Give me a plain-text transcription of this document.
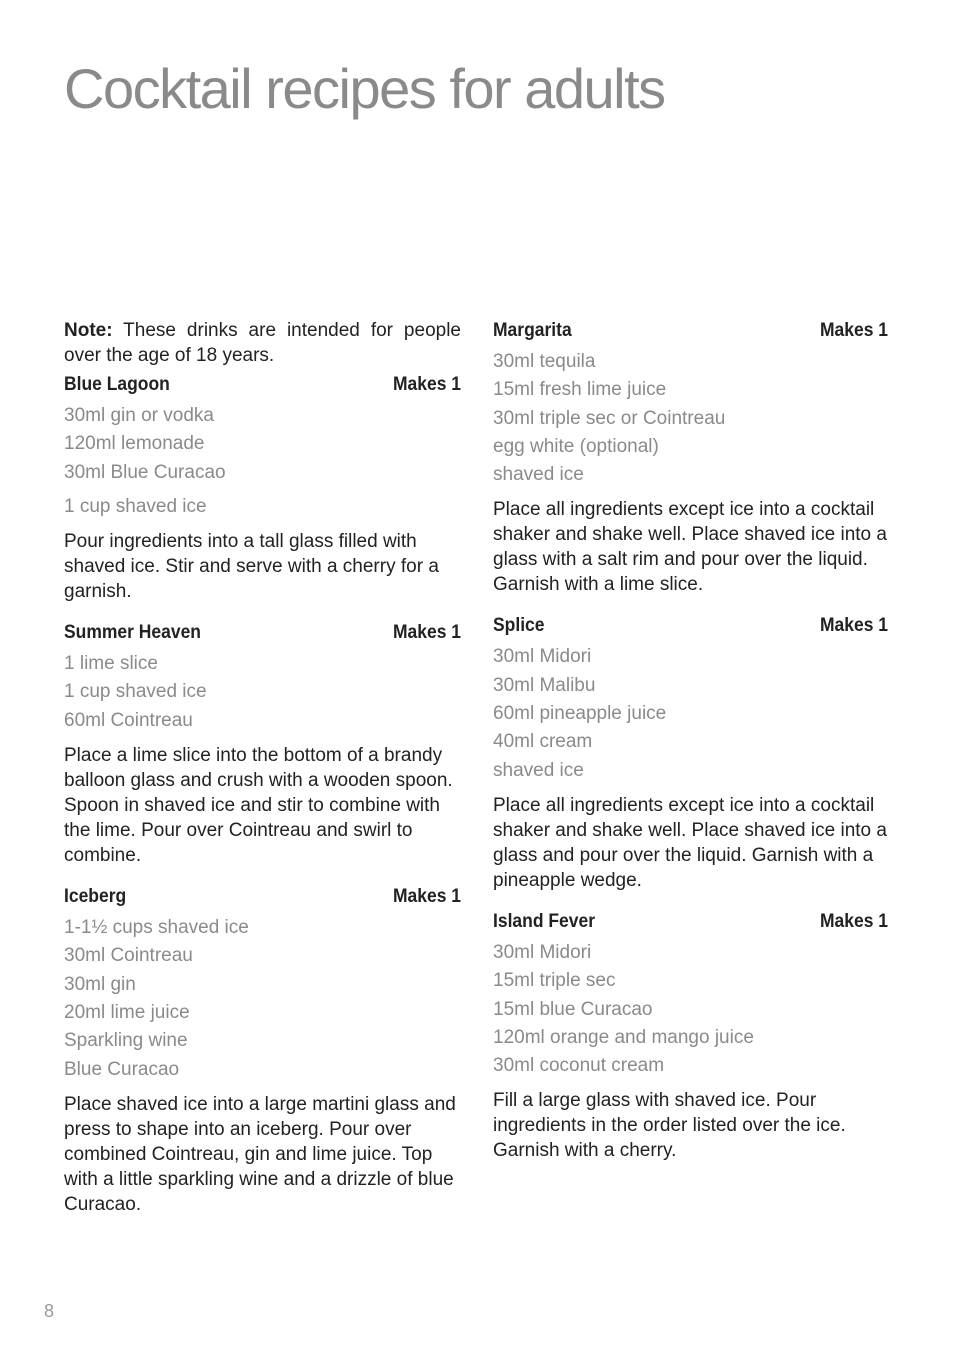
Cocktail recipes for adults

Note: These drinks are intended for people over the age of 18 years.

Blue Lagoon	Makes 1
30ml gin or vodka
120ml lemonade
30ml Blue Curacao
1 cup shaved ice

Pour ingredients into a tall glass filled with shaved ice. Stir and serve with a cherry for a garnish.

Summer Heaven	Makes 1
1 lime slice
1 cup shaved ice
60ml Cointreau

Place a lime slice into the bottom of a brandy balloon glass and crush with a wooden spoon. Spoon in shaved ice and stir to combine with the lime. Pour over Cointreau and swirl to combine.

Iceberg	Makes 1
1-1½ cups shaved ice
30ml Cointreau
30ml gin
20ml lime juice
Sparkling wine
Blue Curacao

Place shaved ice into a large martini glass and press to shape into an iceberg. Pour over combined Cointreau, gin and lime juice. Top with a little sparkling wine and a drizzle of blue Curacao.

Margarita	Makes 1
30ml tequila
15ml fresh lime juice
30ml triple sec or Cointreau
egg white (optional)
shaved ice

Place all ingredients except ice into a cocktail shaker and shake well. Place shaved ice into a glass with a salt rim and pour over the liquid. Garnish with a lime slice.

Splice	Makes 1
30ml Midori
30ml Malibu
60ml pineapple juice
40ml cream
shaved ice

Place all ingredients except ice into a cocktail shaker and shake well. Place shaved ice into a glass and pour over the liquid. Garnish with a pineapple wedge.

Island Fever	Makes 1
30ml Midori
15ml triple sec
15ml blue Curacao
120ml orange and mango juice
30ml coconut cream

Fill a large glass with shaved ice. Pour ingredients in the order listed over the ice. Garnish with a cherry.

8
